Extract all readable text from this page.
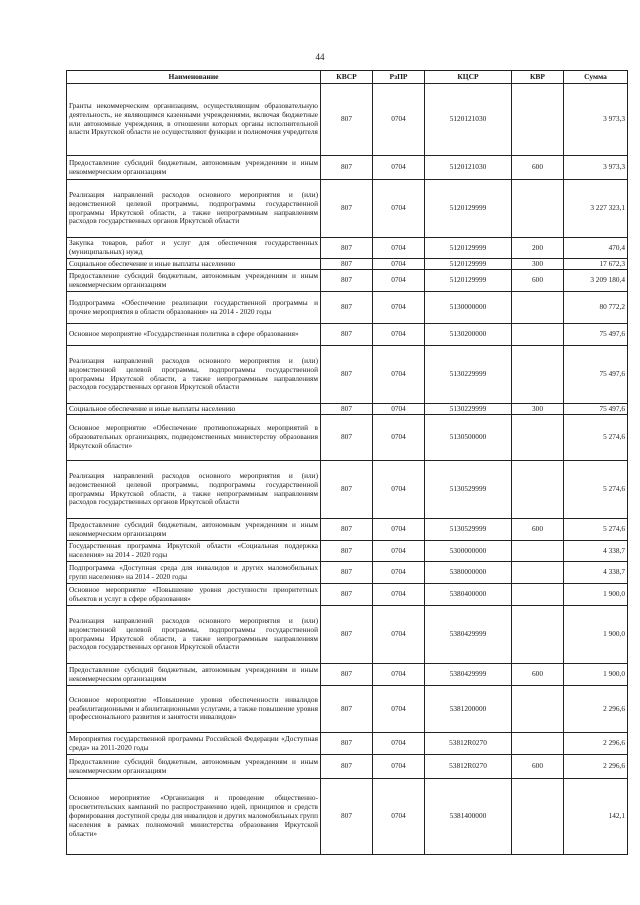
44
Наименование	КВСР	РзПР	КЦСР	КВР	Сумма
Гранты некоммерческим организациям, осуществляющим образовательную деятельность, не являющимся казенными учреждениями, включая бюджетные или автономные учреждения, в отношении которых органы исполнительной власти Иркутской области не осуществляют функции и полномочия учредителя	807	0704	5120121030		3 973,3
Предоставление субсидий бюджетным, автономным учреждениям и иным некоммерческим организациям	807	0704	5120121030	600	3 973,3
Реализация направлений расходов основного мероприятия и (или) ведомственной целевой программы, подпрограммы государственной программы Иркутской области, а также непрограммным направлениям расходов государственных органов Иркутской области	807	0704	5120129999		3 227 323,1
Закупка товаров, работ и услуг для обеспечения государственных (муниципальных) нужд	807	0704	5120129999	200	470,4
Социальное обеспечение и иные выплаты населению	807	0704	5120129999	300	17 672,3
Предоставление субсидий бюджетным, автономным учреждениям и иным некоммерческим организациям	807	0704	5120129999	600	3 209 180,4
Подпрограмма «Обеспечение реализации государственной программы и прочие мероприятия в области образования» на 2014 - 2020 годы	807	0704	5130000000		80 772,2
Основное мероприятие «Государственная политика в сфере образования»	807	0704	5130200000		75 497,6
Реализация направлений расходов основного мероприятия и (или) ведомственной целевой программы, подпрограммы государственной программы Иркутской области, а также непрограммным направлениям расходов государственных органов Иркутской области	807	0704	5130229999		75 497,6
Социальное обеспечение и иные выплаты населению	807	0704	5130229999	300	75 497,6
Основное мероприятие «Обеспечение противопожарных мероприятий в образовательных организациях, подведомственных министерству образования Иркутской области»	807	0704	5130500000		5 274,6
Реализация направлений расходов основного мероприятия и (или) ведомственной целевой программы, подпрограммы государственной программы Иркутской области, а также непрограммным направлениям расходов государственных органов Иркутской области	807	0704	5130529999		5 274,6
Предоставление субсидий бюджетным, автономным учреждениям и иным некоммерческим организациям	807	0704	5130529999	600	5 274,6
Государственная программа Иркутской области «Социальная поддержка населения» на 2014 - 2020 годы	807	0704	5300000000		4 338,7
Подпрограмма «Доступная среда для инвалидов и других маломобильных групп населения» на 2014 - 2020 годы	807	0704	5380000000		4 338,7
Основное мероприятие «Повышение уровня доступности приоритетных объектов и услуг в сфере образования»	807	0704	5380400000		1 900,0
Реализация направлений расходов основного мероприятия и (или) ведомственной целевой программы, подпрограммы государственной программы Иркутской области, а также непрограммным направлениям расходов государственных органов Иркутской области	807	0704	5380429999		1 900,0
Предоставление субсидий бюджетным, автономным учреждениям и иным некоммерческим организациям	807	0704	5380429999	600	1 900,0
Основное мероприятие «Повышение уровня обеспеченности инвалидов реабилитационными и абилитационными услугами, а также повышение уровня профессионального развития и занятости инвалидов»	807	0704	5381200000		2 296,6
Мероприятия государственной программы Российской Федерации «Доступная среда» на 2011-2020 годы	807	0704	53812R0270		2 296,6
Предоставление субсидий бюджетным, автономным учреждениям и иным некоммерческим организациям	807	0704	53812R0270	600	2 296,6
Основное мероприятие «Организация и проведение общественно-просветительских кампаний по распространению идей, принципов и средств формирования доступной среды для инвалидов и других маломобильных групп населения в рамках полномочий министерства образования Иркутской области»	807	0704	5381400000		142,1
